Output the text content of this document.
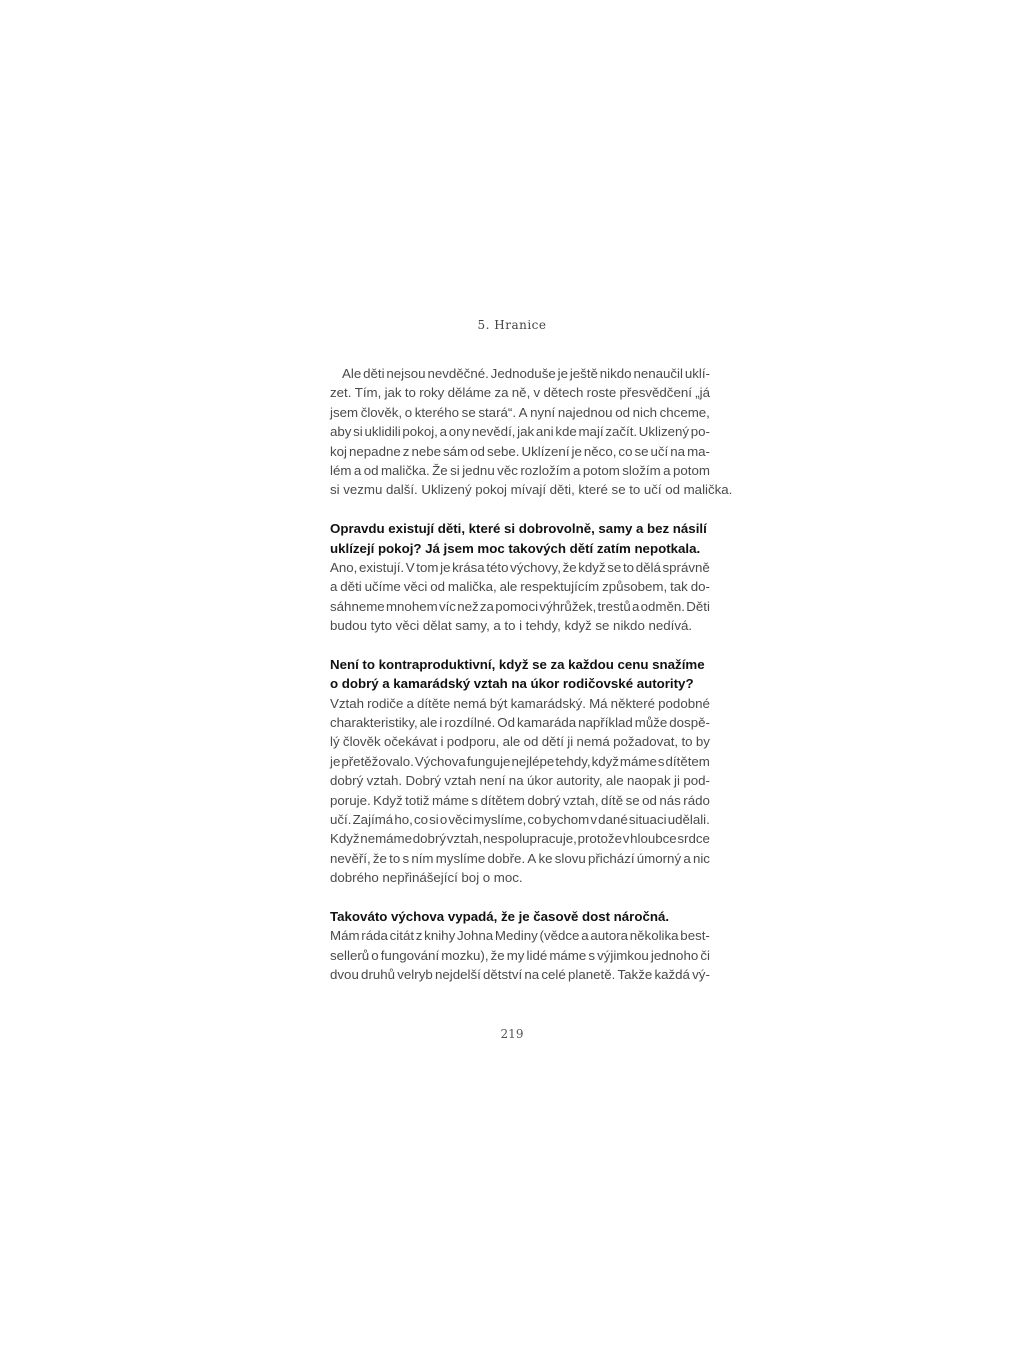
5. Hranice
Ale děti nejsou nevděčné. Jednoduše je ještě nikdo nenaučil uklí-
zet. Tím, jak to roky děláme za ně, v dětech roste přesvědčení „já
jsem člověk, o kterého se stará“. A nyní najednou od nich chceme,
aby si uklidili pokoj, a ony nevědí, jak ani kde mají začít. Uklizený po-
koj nepadne z nebe sám od sebe. Uklízení je něco, co se učí na ma-
lém a od malička. Že si jednu věc rozložím a potom složím a potom
si vezmu další. Uklizený pokoj mívají děti, které se to učí od malička.
Opravdu existují děti, které si dobrovolně, samy a bez násilí
uklízejí pokoj? Já jsem moc takových dětí zatím nepotkala.
Ano, existují. V tom je krása této výchovy, že když se to dělá správně
a děti učíme věci od malička, ale respektujícím způsobem, tak do-
sáhneme mnohem víc než za pomoci výhrůžek, trestů a odměn. Děti
budou tyto věci dělat samy, a to i tehdy, když se nikdo nedívá.
Není to kontraproduktivní, když se za každou cenu snažíme
o dobrý a kamarádský vztah na úkor rodičovské autority?
Vztah rodiče a dítěte nemá být kamarádský. Má některé podobné
charakteristiky, ale i rozdílné. Od kamaráda například může dospě-
lý člověk očekávat i podporu, ale od dětí ji nemá požadovat, to by
je přetěžovalo. Výchova funguje nejlépe tehdy, když máme s dítětem
dobrý vztah. Dobrý vztah není na úkor autority, ale naopak ji pod-
poruje. Když totiž máme s dítětem dobrý vztah, dítě se od nás rádo
učí. Zajímá ho, co si o věci myslíme, co bychom v dané situaci udělali.
Když nemáme dobrý vztah, nespolupracuje, protože v hloubce srdce
nevěří, že to s ním myslíme dobře. A ke slovu přichází úmorný a nic
dobrého nepřinášející boj o moc.
Takováto výchova vypadá, že je časově dost náročná.
Mám ráda citát z knihy Johna Mediny (vědce a autora několika best-
sellerů o fungování mozku), že my lidé máme s výjimkou jednoho či
dvou druhů velryb nejdelší dětství na celé planetě. Takže každá vý-
219
